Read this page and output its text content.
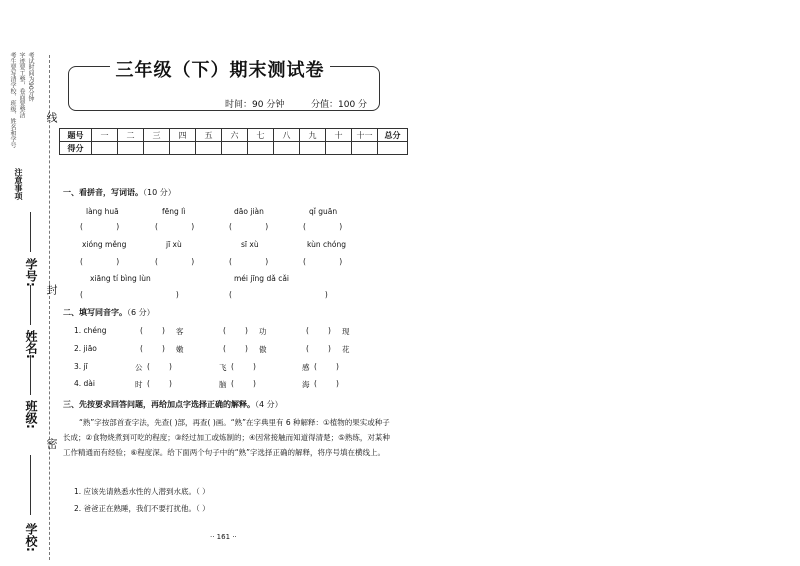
考生要写清学校、班级、姓名和学号 字迹要工整，卷面要整洁 考试时间为90分钟
注意事项
线
封
密
学号:
姓名:
班级:
学校:
三年级（下）期末测试卷
时间：90 分钟	分值：100 分
题号	一	二	三	四	五	六	七	八	九	十	十一	总分
得分												
一、看拼音，写词语。（10 分）
làng huā	fēng lì	dāo jiàn	qǐ guān
(              )	(              )	(              )	(              )
xióng měng	jī xù	sī xù	kùn chóng
(              )	(              )	(              )	(              )
xiāng tí bìng lùn	méi jīng dǎ cǎi
(                                       )	(                                       )
二、填写同音字。（6 分）
1. chéng	(        ) 客	(        ) 功	(        ) 现
2. jiāo	(        ) 嫩	(        ) 傲	(        ) 花
3. jī	公 (        )	飞 (        )	感 (        )
4. dài	时 (        )	脑 (        )	海 (        )
三、先按要求回答问题，再给加点字选择正确的解释。（4 分）
“熟”字按部首查字法，先查( )部，再查( )画。“熟”在字典里有 6 种解释：①植物的果实或种子长成；②食物烧煮到可吃的程度；③经过加工或炼制的；④因常接触而知道得清楚；⑤熟练，对某种工作精通而有经验；⑥程度深。给下面两个句子中的“熟”字选择正确的解释，将序号填在横线上。
1. 应该先请熟悉水性的人潜到水底。（ ）
2. 爸爸正在熟睡，我们不要打扰他。（ ）
·· 161 ··
